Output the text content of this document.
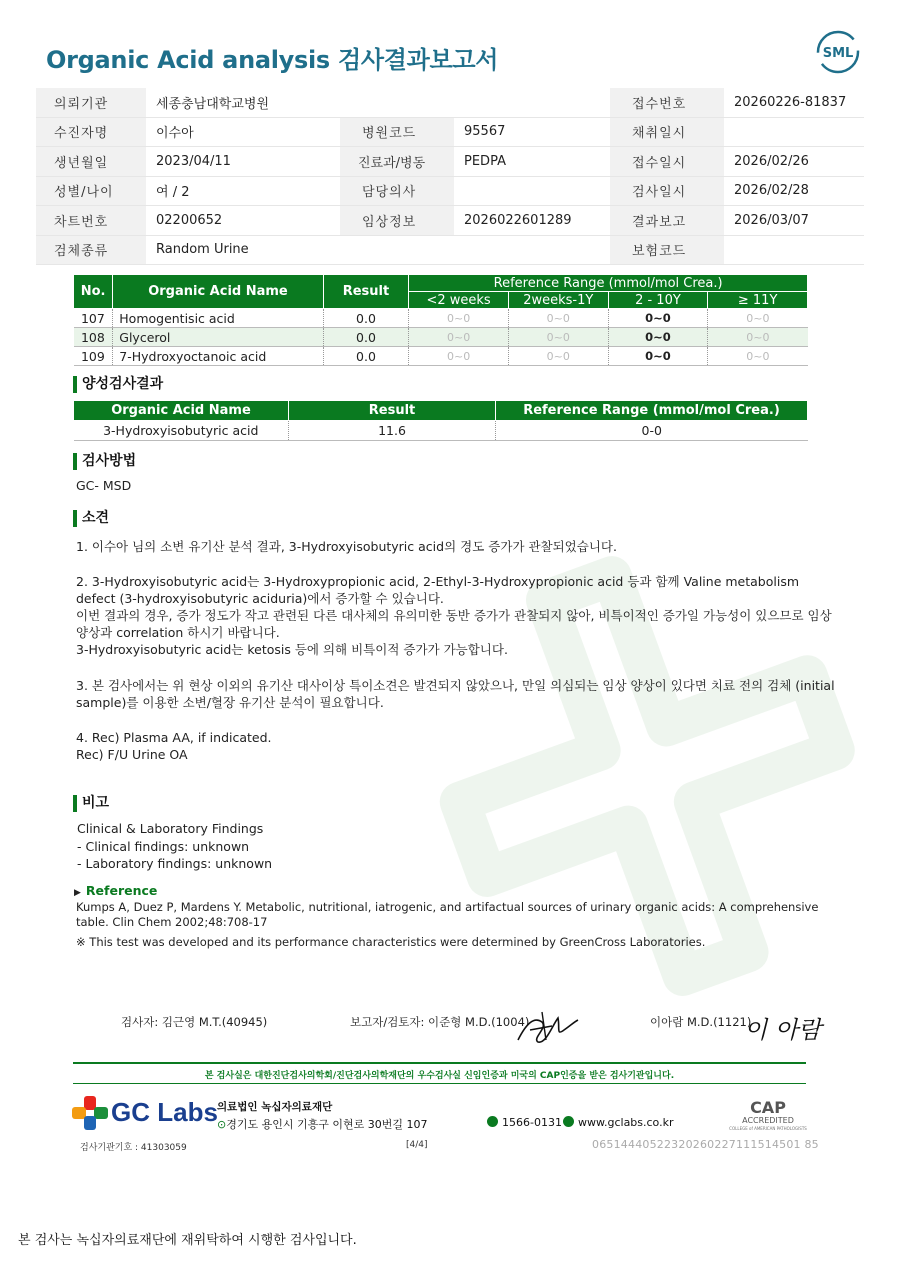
Organic Acid analysis 검사결과보고서	SML
의뢰기관	세종충남대학교병원			접수번호	20260226-81837
수진자명	이수아	병원코드	95567	채취일시	
생년월일	2023/04/11	진료과/병동	PEDPA	접수일시	2026/02/26
성별/나이	여 / 2	담당의사		검사일시	2026/02/28
차트번호	02200652	임상정보	2026022601289	결과보고	2026/03/07
검체종류	Random Urine			보험코드	
No.	Organic Acid Name	Result	Reference Range (mmol/mol Crea.)			
			<2 weeks	2weeks-1Y	2 - 10Y	≥ 11Y
107	Homogentisic acid	0.0	0~0	0~0	0~0	0~0
108	Glycerol	0.0	0~0	0~0	0~0	0~0
109	7-Hydroxyoctanoic acid	0.0	0~0	0~0	0~0	0~0
양성검사결과
Organic Acid Name	Result	Reference Range (mmol/mol Crea.)
3-Hydroxyisobutyric acid	11.6	0-0
검사방법
GC- MSD
소견
1. 이수아 님의 소변 유기산 분석 결과, 3-Hydroxyisobutyric acid의 경도 증가가 관찰되었습니다.
2. 3-Hydroxyisobutyric acid는 3-Hydroxypropionic acid, 2-Ethyl-3-Hydroxypropionic acid 등과 함께 Valine metabolism
defect (3-hydroxyisobutyric aciduria)에서 증가할 수 있습니다.
이번 결과의 경우, 증가 정도가 작고 관련된 다른 대사체의 유의미한 동반 증가가 관찰되지 않아, 비특이적인 증가일 가능성이 있으므로 임상
양상과 correlation 하시기 바랍니다.
3-Hydroxyisobutyric acid는 ketosis 등에 의해 비특이적 증가가 가능합니다.
3. 본 검사에서는 위 현상 이외의 유기산 대사이상 특이소견은 발견되지 않았으나, 만일 의심되는 임상 양상이 있다면 치료 전의 검체 (initial
sample)를 이용한 소변/혈장 유기산 분석이 필요합니다.
4. Rec) Plasma AA, if indicated.
Rec) F/U Urine OA
비고
Clinical & Laboratory Findings
- Clinical findings: unknown
- Laboratory findings: unknown
▶ Reference
Kumps A, Duez P, Mardens Y. Metabolic, nutritional, iatrogenic, and artifactual sources of urinary organic acids: A comprehensive
table. Clin Chem 2002;48:708-17
※ This test was developed and its performance characteristics were determined by GreenCross Laboratories.
검사자: 김근영 M.T.(40945)	보고자/검토자: 이준형 M.D.(1004)	이아람 M.D.(1121)
이 아람
본 검사실은 대한진단검사의학회/진단검사의학재단의 우수검사실 신임인증과 미국의 CAP인증을 받은 검사기관입니다.
GC Labs 의료법인 녹십자의료재단
⊙경기도 용인시 기흥구 이현로 30번길 107	1566-0131	www.gclabs.co.kr
CAP
ACCREDITED
COLLEGE of AMERICAN PATHOLOGISTS
검사기관기호 : 41303059	[4/4]	06514440522320260227111514501 85
본 검사는 녹십자의료재단에 재위탁하여 시행한 검사입니다.
